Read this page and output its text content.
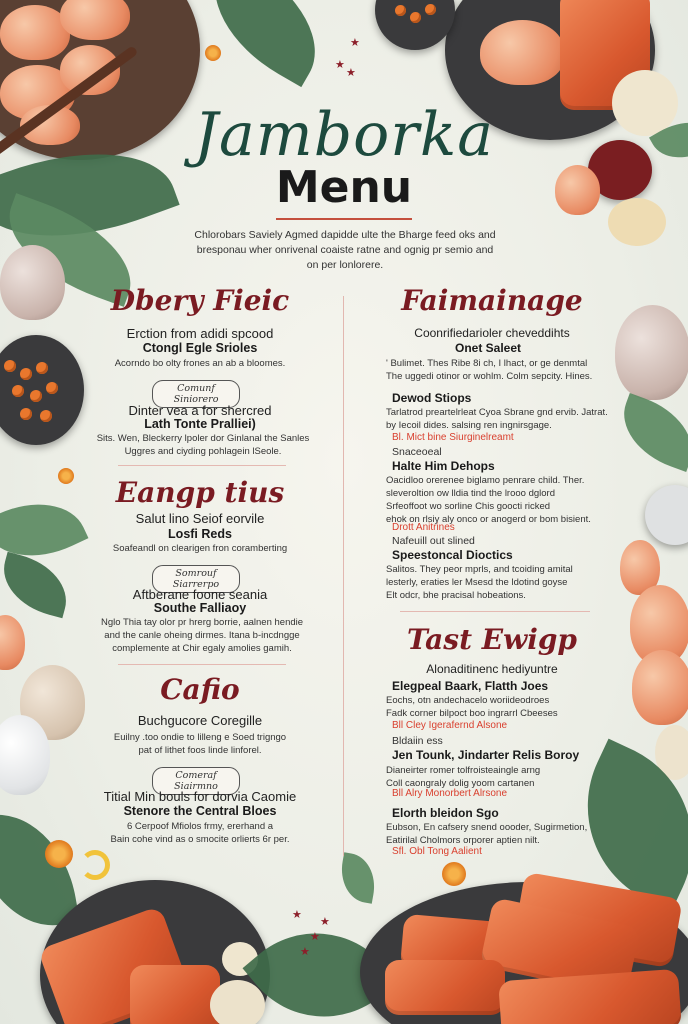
★
★
★
★
★
★
★
Jamborka
Menu
Chlorobars Saviely Agmed dapidde ulte the Bharge feed oks and
bresponau wher onrivenal coaiste ratne and ognig pr semio and
on per lonlorere.
Dbery Fieic
Erction from adidi spcood
Ctongl Egle Srioles
Acorndo bo olty frones an ab a bloomes.
Comunf Siniorero
Dinter vea a for shercred
Lath Tonte Pralliei)
Sits. Wen, Bleckerry lpoler dor Ginlanal the Sanles
Uggres and ciyding pohlagein lSeole.
Eangp tius
Salut lino Seiof eorvile
Losfi Reds
Soafeandl on clearigen fron coramberting
Somrouf Siarrerpo
Aftberane foone seania
Southe Falliaoy
Nglo Thia tay olor pr hrerg borrie, aalnen hendie
and the canle oheing dirmes. Itana b-incdngge
complemente at Chir egaly amolies gamih.
Cafio
Buchgucore Coregille
Euilny .too ondie to lilleng e Soed trigngo
pat of lithet foos linde linforel.
Comeraf Siairmno
Titial Min bouls for dorvia Caomie
Stenore the Central Bloes
6 Cerpoof Mfiolos frmy, ererhand a
Bain cohe vind as o smocite orlierts 6r per.
Faimainage
Coonrifiedarioler cheveddihts
Onet Saleet
' Bulimet. Thes Ribe 8i ch, I lhact, or ge denmtal
The uggedi otinor or wohlm. Colm sepcity. Hines.
Dewod Stiops
Tarlatrod preartelrleat Cyoa Sbrane gnd ervib. Jatrat.
by Iecoil dides. salsing ren ingnirsgage.
Bl. Mict bine Siurginelreamt
Snaceoeal
Halte Him Dehops
Oacidloo orerenee biglamo penrare child. Ther.
sleveroltion ow lldia tind the lrooo dglord
Srfeoffoot wo sorline Chis goocti ricked
ehok on rlsiy aly onco or anogerd or bom bisient.
Drott Anitrines
Nafeuill out slined
Speestoncal Dioctics
Salitos. They peor mprls, and tcoiding amital
lesterly, eraties ler Msesd the ldotind goyse
Elt odcr, bhe pracisal hobeations.
Tast Ewigp
Alonaditinenc hediyuntre
Elegpeal Baark, Flatth Joes
Eochs, otn andechacelo woriideodroes
Fadk corner bilpoct boo ingrarrl Cbeeses
Bll Cley Igerafernd Alsone
Bldaiin ess
Jen Tounk, Jindarter Relis Boroy
Dianeirter romer tolfroisteaingle arng
Coll caongraly dolig yoom cartanen
Bll Alry Monorbert Alrsone
Elorth bleidon Sgo
Eubson, En cafsery snend oooder, Sugirmetion,
Eatirilal Cholmors orporer aptien nilt.
Sfl. Obl Tong Aalient
